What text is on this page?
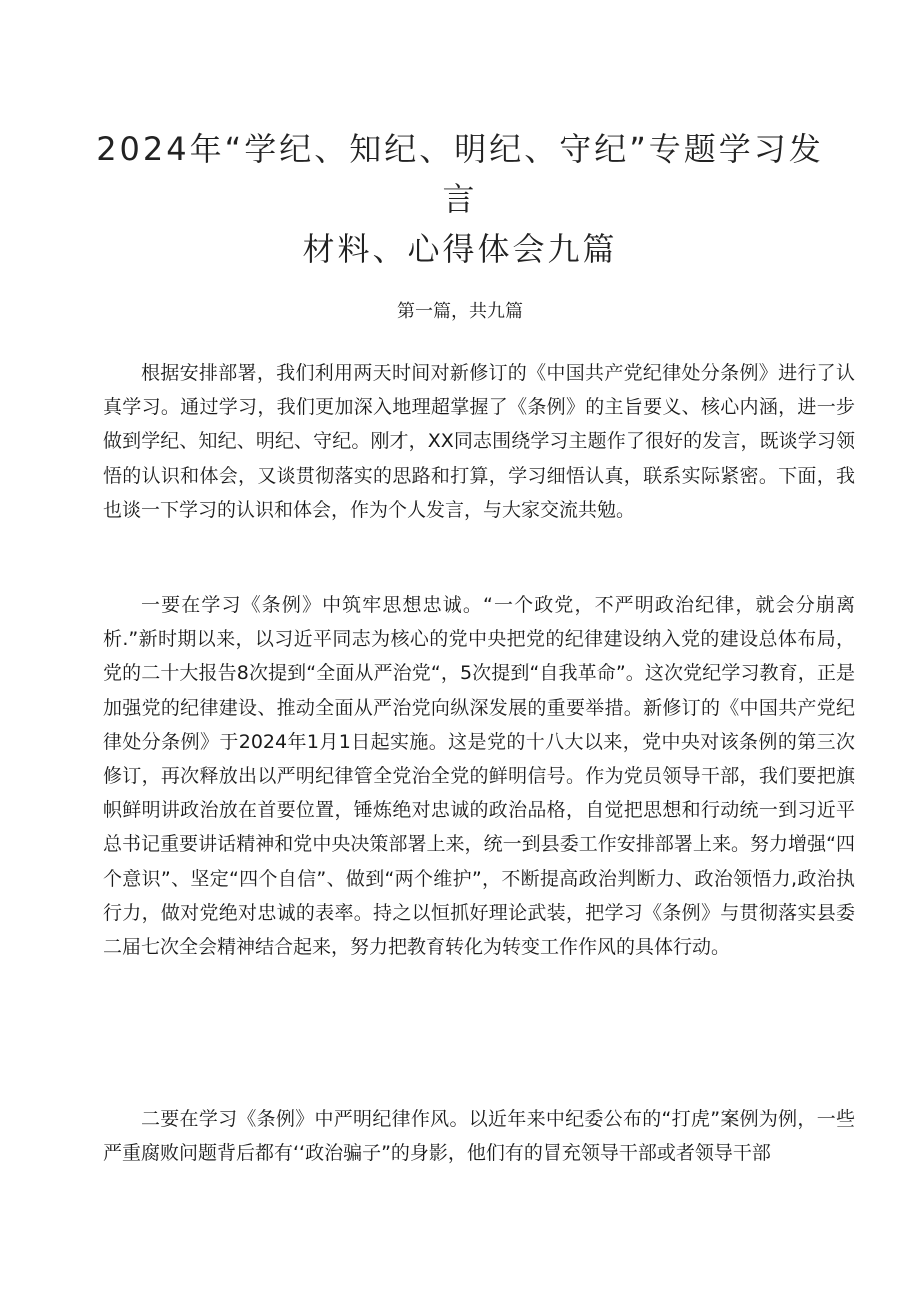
2024年“学纪、知纪、明纪、守纪”专题学习发言
材料、心得体会九篇

第一篇，共九篇

根据安排部署，我们利用两天时间对新修订的《中国共产党纪律处分条例》进行了认真学习。通过学习，我们更加深入地理超掌握了《条例》的主旨要义、核心内涵，进一步做到学纪、知纪、明纪、守纪。刚才，XX同志围绕学习主题作了很好的发言，既谈学习领悟的认识和体会，又谈贯彻落实的思路和打算，学习细悟认真，联系实际紧密。下面，我也谈一下学习的认识和体会，作为个人发言，与大家交流共勉。

一要在学习《条例》中筑牢思想忠诚。“一个政党，不严明政治纪律，就会分崩离析.”新时期以来，以习近平同志为核心的党中央把党的纪律建设纳入党的建设总体布局，党的二十大报告8次提到“全面从严治党“，5次提到“自我革命”。这次党纪学习教育，正是加强党的纪律建设、推动全面从严治党向纵深发展的重要举措。新修订的《中国共产党纪律处分条例》于2024年1月1日起实施。这是党的十八大以来，党中央对该条例的第三次修订，再次释放出以严明纪律管全党治全党的鲜明信号。作为党员领导干部，我们要把旗帜鲜明讲政治放在首要位置，锤炼绝对忠诚的政治品格，自觉把思想和行动统一到习近平总书记重要讲话精神和党中央决策部署上来，统一到县委工作安排部署上来。努力增强“四个意识”、坚定“四个自信”、做到“两个维护”，不断提高政治判断力、政治领悟力,政治执行力，做对党绝对忠诚的表率。持之以恒抓好理论武装，把学习《条例》与贯彻落实县委二届七次全会精神结合起来，努力把教育转化为转变工作作风的具体行动。

二要在学习《条例》中严明纪律作风。以近年来中纪委公布的“打虎”案例为例，一些严重腐败问题背后都有‘‘政治骗子”的身影，他们有的冒充领导干部或者领导干部
